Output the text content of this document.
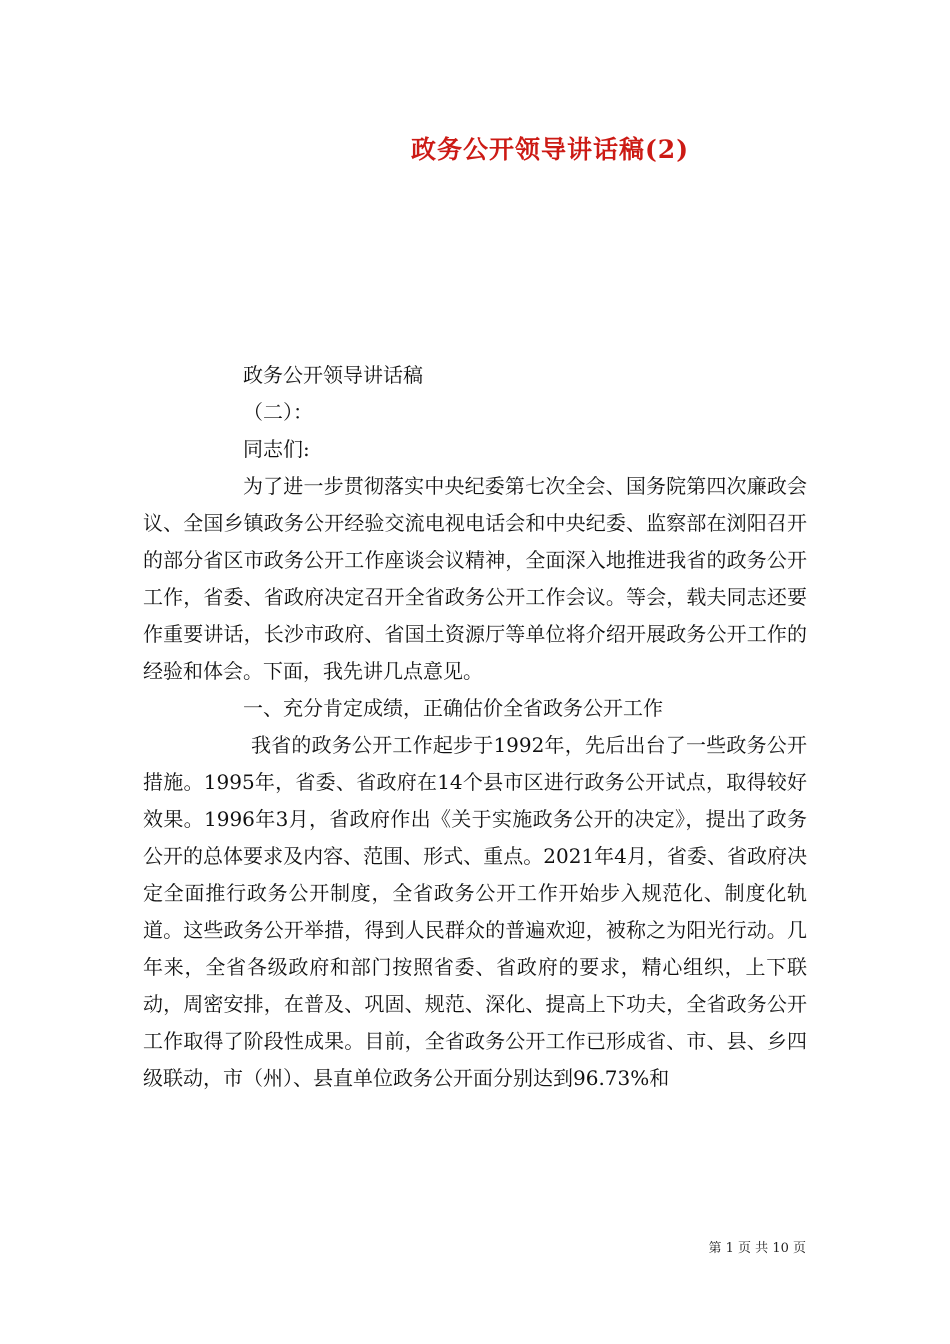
政务公开领导讲话稿(2)

政务公开领导讲话稿

（二）：

同志们:

为了进一步贯彻落实中央纪委第七次全会、国务院第四次廉政会议、全国乡镇政务公开经验交流电视电话会和中央纪委、监察部在浏阳召开的部分省区市政务公开工作座谈会议精神，全面深入地推进我省的政务公开工作，省委、省政府决定召开全省政务公开工作会议。等会，载夫同志还要作重要讲话，长沙市政府、省国土资源厅等单位将介绍开展政务公开工作的经验和体会。下面，我先讲几点意见。

一、充分肯定成绩，正确估价全省政务公开工作

我省的政务公开工作起步于1992年，先后出台了一些政务公开措施。1995年，省委、省政府在14个县市区进行政务公开试点，取得较好效果。1996年3月，省政府作出《关于实施政务公开的决定》，提出了政务公开的总体要求及内容、范围、形式、重点。2021年4月，省委、省政府决定全面推行政务公开制度，全省政务公开工作开始步入规范化、制度化轨道。这些政务公开举措，得到人民群众的普遍欢迎，被称之为阳光行动。几年来，全省各级政府和部门按照省委、省政府的要求，精心组织，上下联动，周密安排，在普及、巩固、规范、深化、提高上下功夫，全省政务公开工作取得了阶段性成果。目前，全省政务公开工作已形成省、市、县、乡四级联动，市（州）、县直单位政务公开面分别达到96.73%和

第 1 页 共 10 页
